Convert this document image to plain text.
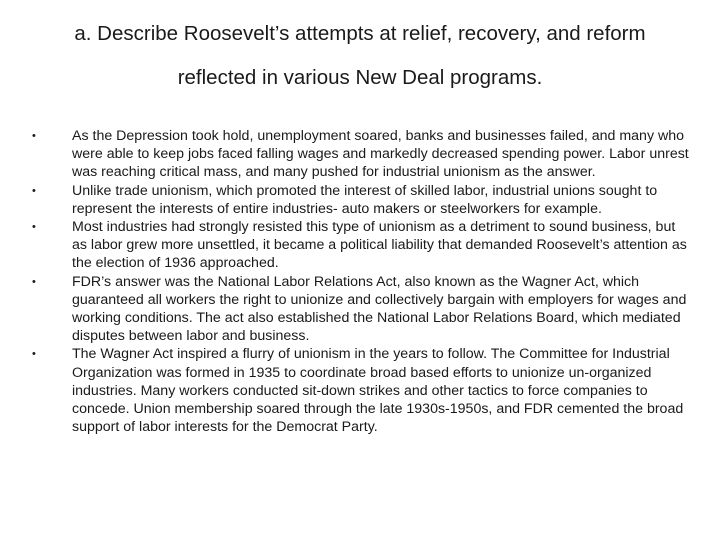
a. Describe Roosevelt’s attempts at relief, recovery, and reform
reflected in various New Deal programs.
•	As the Depression took hold, unemployment soared, banks and businesses failed, and many who were able to keep jobs faced falling wages and markedly decreased spending power. Labor unrest was reaching critical mass, and many pushed for industrial unionism as the answer.
•	Unlike trade unionism, which promoted the interest of skilled labor, industrial unions sought to represent the interests of entire industries- auto makers or steelworkers for example.
•	Most industries had strongly resisted this type of unionism as a detriment to sound business, but as labor grew more unsettled, it became a political liability that demanded Roosevelt’s attention as the election of 1936 approached.
•	FDR’s answer was the National Labor Relations Act, also known as the Wagner Act, which guaranteed all workers the right to unionize and collectively bargain with employers for wages and working conditions. The act also established the National Labor Relations Board, which mediated disputes between labor and business.
•	The Wagner Act inspired a flurry of unionism in the years to follow. The Committee for Industrial Organization was formed in 1935 to coordinate broad based efforts to unionize un-organized industries. Many workers conducted sit-down strikes and other tactics to force companies to concede. Union membership soared through the late 1930s-1950s, and FDR cemented the broad support of labor interests for the Democrat Party.
